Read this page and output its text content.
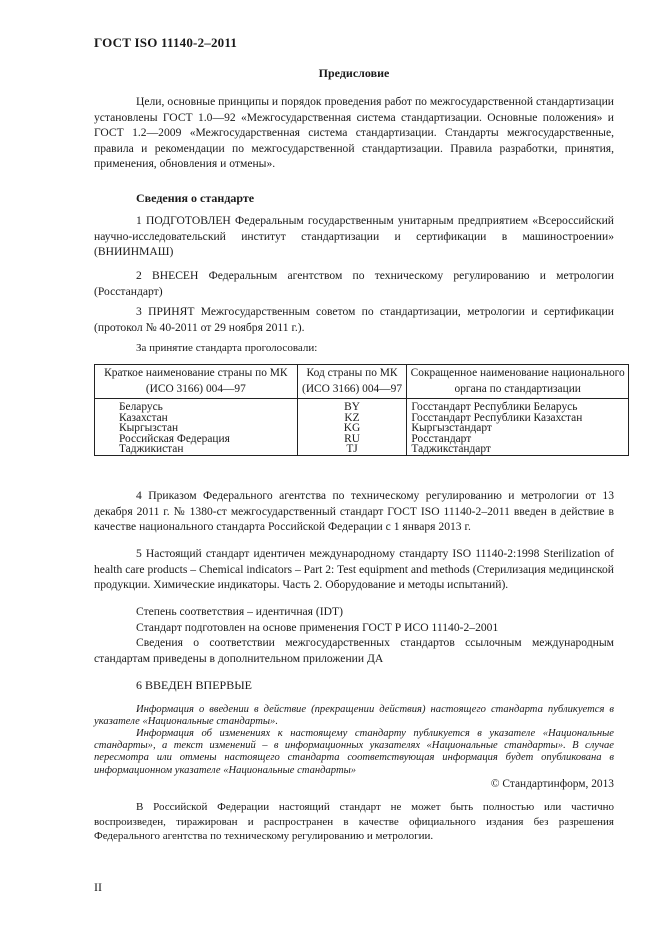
ГОСТ ISO 11140-2–2011
Предисловие
Цели, основные принципы и порядок проведения работ по межгосударственной стандартизации установлены ГОСТ 1.0—92 «Межгосударственная система стандартизации. Основные положения» и ГОСТ 1.2—2009 «Межгосударственная система стандартизации. Стандарты межгосударственные, правила и рекомендации по межгосударственной стандартизации. Правила разработки, принятия, применения, обновления и отмены».
Сведения о стандарте
1 ПОДГОТОВЛЕН Федеральным государственным унитарным предприятием «Всероссийский научно-исследовательский институт стандартизации и сертификации в машиностроении» (ВНИИНМАШ)
2 ВНЕСЕН Федеральным агентством по техническому регулированию и метрологии (Росстандарт)
3 ПРИНЯТ Межгосударственным советом по стандартизации, метрологии и сертификации (протокол № 40-2011 от 29 ноября 2011 г.).
За принятие стандарта проголосовали:
Краткое наименование страны по МК (ИСО 3166) 004—97	Код страны по МК (ИСО 3166) 004—97	Сокращенное наименование национального органа по стандартизации
Беларусь	BY	Госстандарт Республики Беларусь
Казахстан	KZ	Госстандарт Республики Казахстан
Кыргызстан	KG	Кыргызстандарт
Российская Федерация	RU	Росстандарт
Таджикистан	TJ	Таджикстандарт
4 Приказом Федерального агентства по техническому регулированию и метрологии от 13 декабря 2011 г. № 1380-ст межгосударственный стандарт ГОСТ ISO 11140-2–2011 введен в действие в качестве национального стандарта Российской Федерации с 1 января 2013 г.
5 Настоящий стандарт идентичен международному стандарту ISO 11140-2:1998 Sterilization of health care products – Chemical indicators – Part 2: Test equipment and methods (Стерилизация медицинской продукции. Химические индикаторы. Часть 2. Оборудование и методы испытаний).
Степень соответствия – идентичная (IDT)
Стандарт подготовлен на основе применения ГОСТ Р ИСО 11140-2–2001
Сведения о соответствии межгосударственных стандартов ссылочным международным стандартам приведены в дополнительном приложении ДА
6 ВВЕДЕН ВПЕРВЫЕ
Информация о введении в действие (прекращении действия) настоящего стандарта публикуется в указателе «Национальные стандарты».
Информация об изменениях к настоящему стандарту публикуется в указателе «Национальные стандарты», а текст изменений – в информационных указателях «Национальные стандарты». В случае пересмотра или отмены настоящего стандарта соответствующая информация будет опубликована в информационном указателе «Национальные стандарты»
© Стандартинформ, 2013
В Российской Федерации настоящий стандарт не может быть полностью или частично воспроизведен, тиражирован и распространен в качестве официального издания без разрешения Федерального агентства по техническому регулированию и метрологии.
II
